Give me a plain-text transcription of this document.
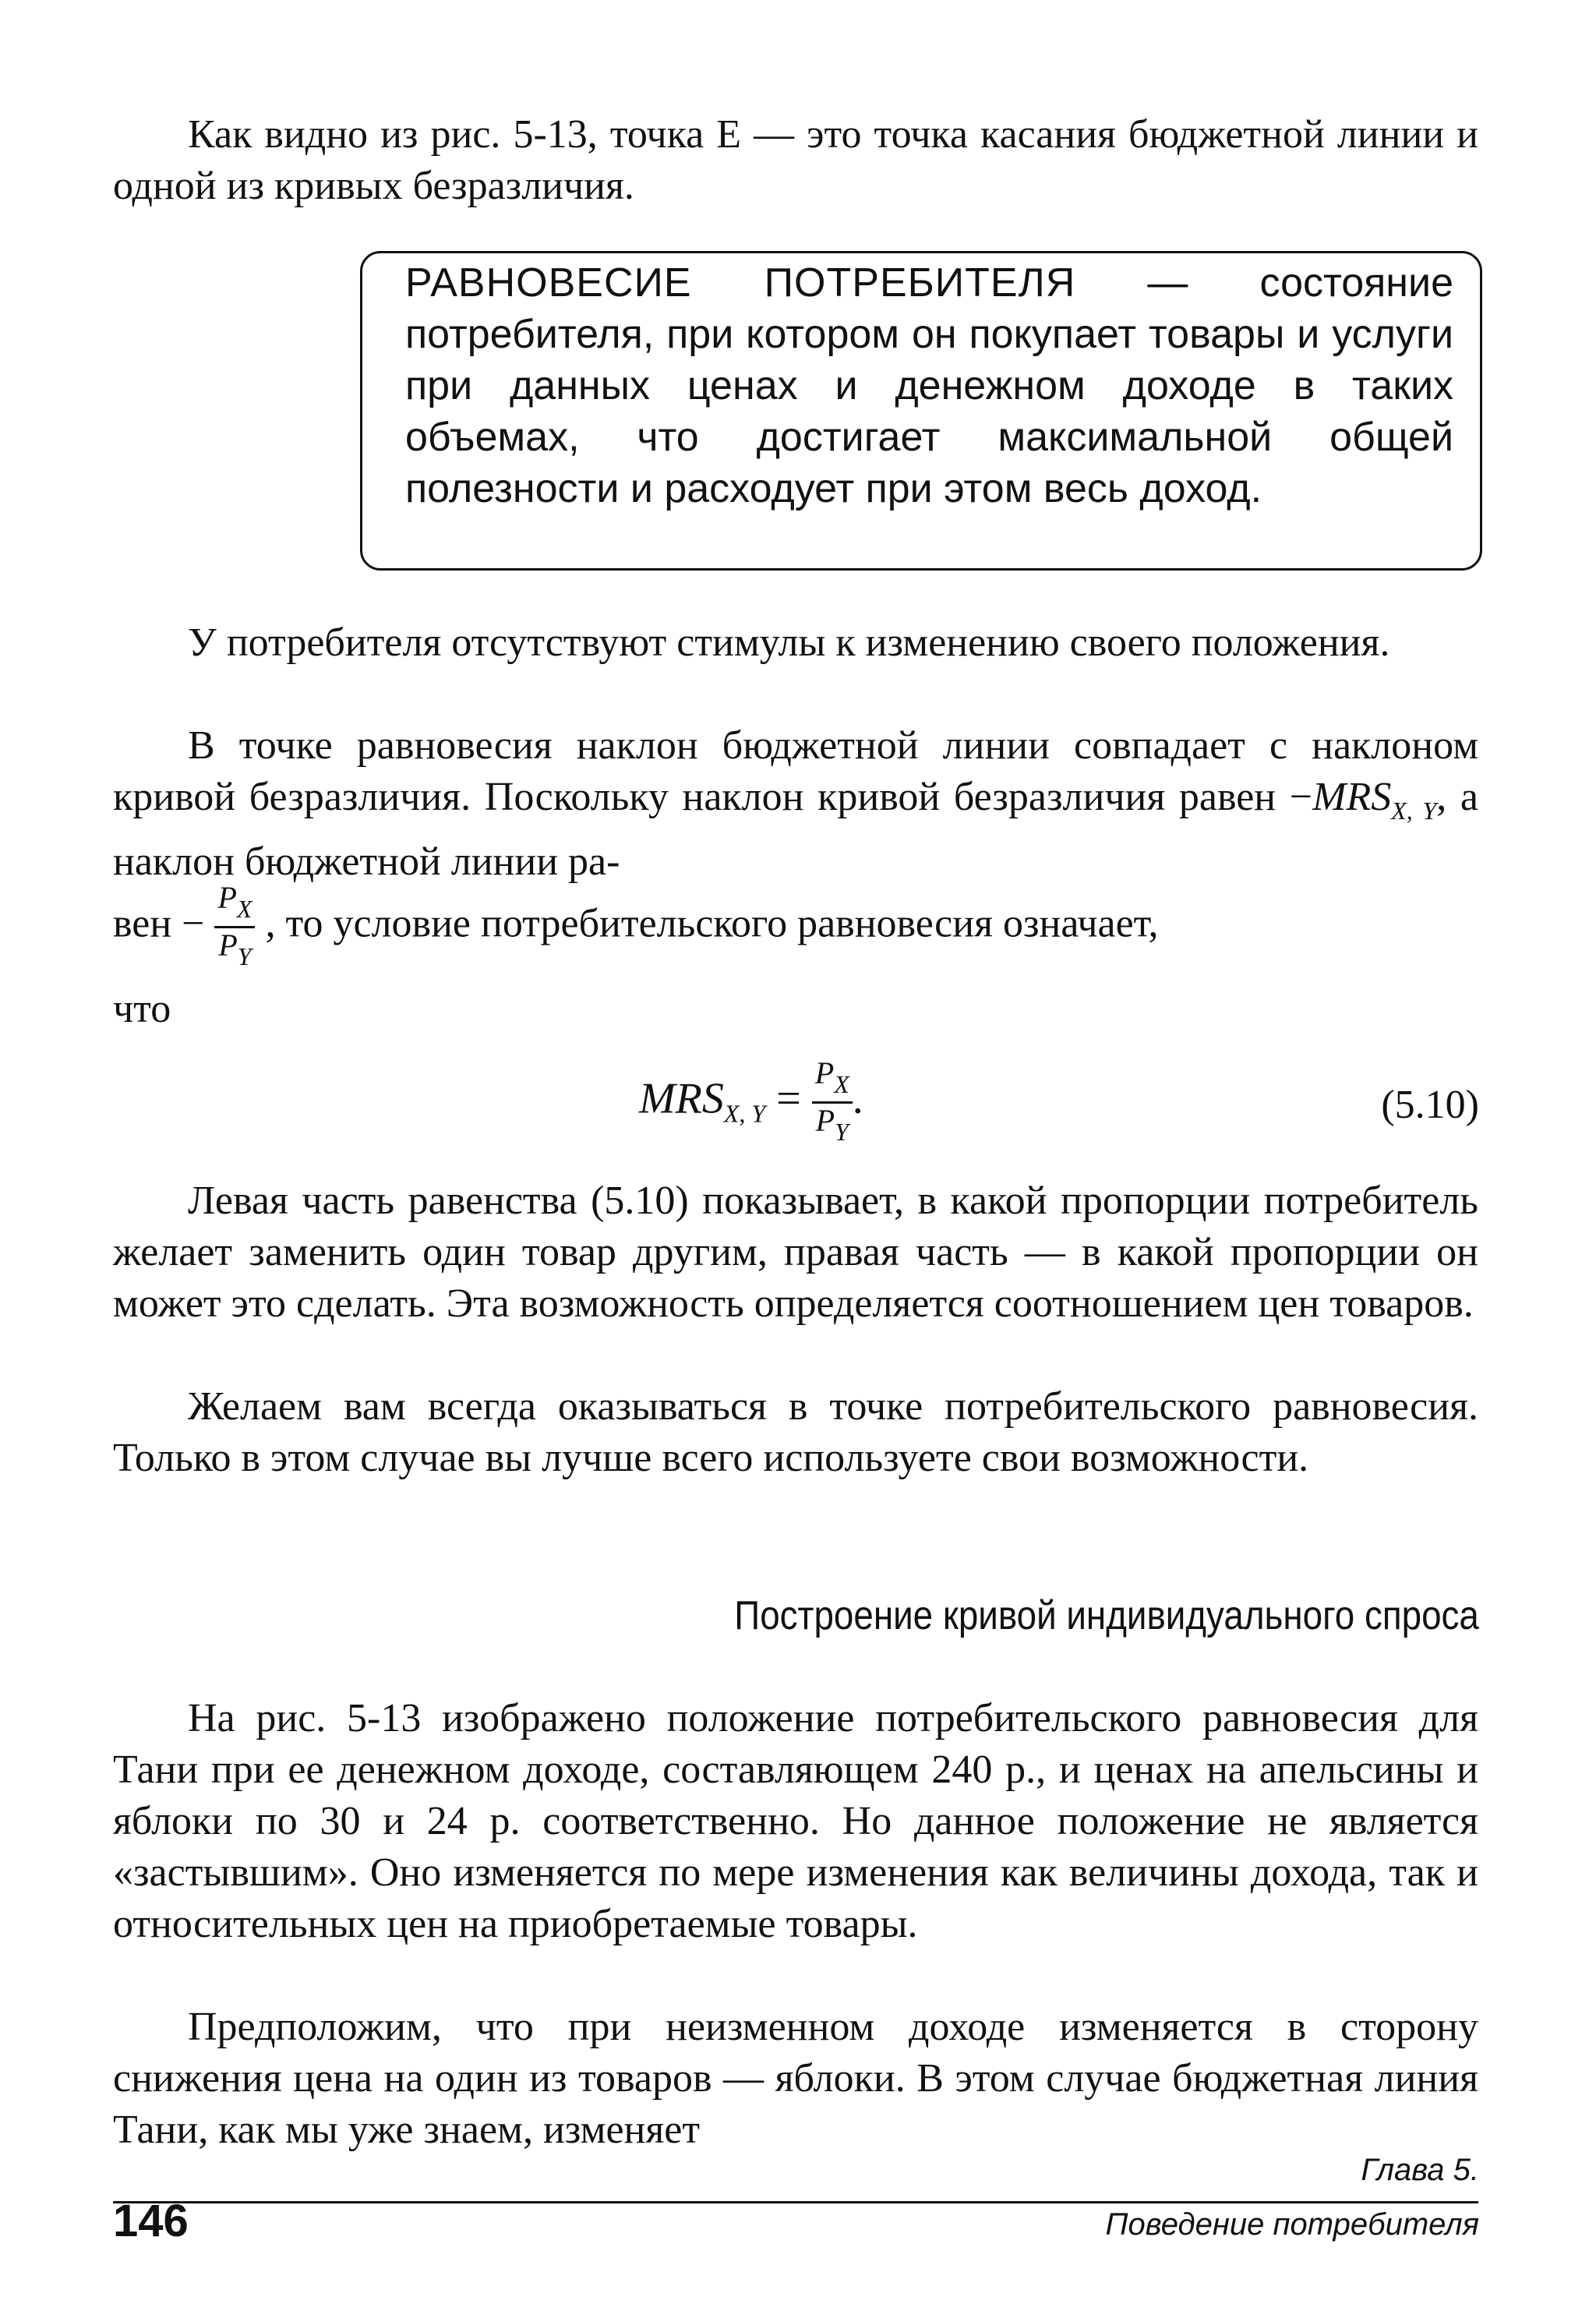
Как видно из рис. 5-13, точка E — это точка касания бюджетной линии и одной из кривых безразличия.

РАВНОВЕСИЕ ПОТРЕБИТЕЛЯ — состояние потребителя, при котором он покупает товары и услуги при данных ценах и денежном доходе в таких объемах, что достигает максимальной общей полезности и расходует при этом весь доход.

У потребителя отсутствуют стимулы к изменению своего положения.

В точке равновесия наклон бюджетной линии совпадает с наклоном кривой безразличия. Поскольку наклон кривой безразличия равен $-MRS_{X, Y}$, а наклон бюджетной линии ра-

вен − $\frac{P_X}{P_Y}$ , то условие потребительского равновесия означает,

что

$MRS_{X, Y} = \frac{P_X}{P_Y}$ .	(5.10)

Левая часть равенства (5.10) показывает, в какой пропорции потребитель желает заменить один товар другим, правая часть — в какой пропорции он может это сделать. Эта возможность определяется соотношением цен товаров.

Желаем вам всегда оказываться в точке потребительского равновесия. Только в этом случае вы лучше всего используете свои возможности.

Построение кривой индивидуального спроса

На рис. 5-13 изображено положение потребительского равновесия для Тани при ее денежном доходе, составляющем 240 р., и ценах на апельсины и яблоки по 30 и 24 р. соответственно. Но данное положение не является «застывшим». Оно изменяется по мере изменения как величины дохода, так и относительных цен на приобретаемые товары.

Предположим, что при неизменном доходе изменяется в сторону снижения цена на один из товаров — яблоки. В этом случае бюджетная линия Тани, как мы уже знаем, изменяет

Глава 5.
146	Поведение потребителя
